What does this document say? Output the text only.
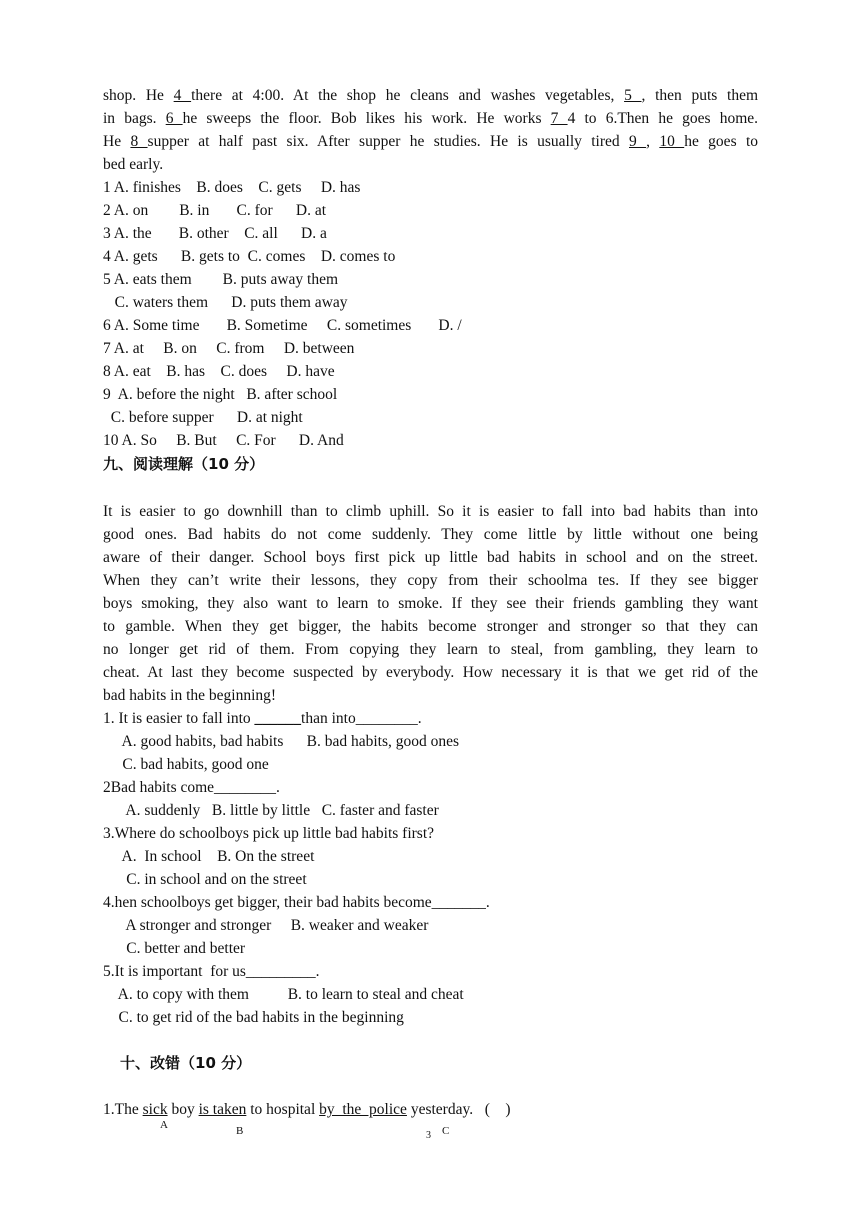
shop. He 4 there at 4:00. At the shop he cleans and washes vegetables, 5 , then puts them
in bags. 6 he sweeps the floor. Bob likes his work. He works 7 4 to 6.Then he goes home.
He 8 supper at half past six. After supper he studies. He is usually tired 9 , 10 he goes to
bed early.
1 A. finishes    B. does    C. gets     D. has
2 A. on        B. in       C. for      D. at
3 A. the       B. other    C. all      D. a
4 A. gets      B. gets to  C. comes    D. comes to
5 A. eats them        B. puts away them
C. waters them      D. puts them away
6 A. Some time       B. Sometime     C. sometimes       D. /
7 A. at     B. on     C. from     D. between
8 A. eat    B. has    C. does     D. have
9  A. before the night   B. after school
C. before supper      D. at night
10 A. So     B. But     C. For      D. And
九、阅读理解（10 分）
It is easier to go downhill than to climb uphill. So it is easier to fall into bad habits than into
good ones. Bad habits do not come suddenly. They come little by little without one being
aware of their danger. School boys first pick up little bad habits in school and on the street.
When they can’t write their lessons, they copy from their schoolma tes. If they see bigger
boys smoking, they also want to learn to smoke. If they see their friends gambling they want
to gamble. When they get bigger, the habits become stronger and stronger so that they can
no longer get rid of them. From copying they learn to steal, from gambling, they learn to
cheat. At last they become suspected by everybody. How necessary it is that we get rid of the
bad habits in the beginning!
1. It is easier to fall into ______than into________.
A. good habits, bad habits      B. bad habits, good ones
C. bad habits, good one
2Bad habits come________.
A. suddenly   B. little by little   C. faster and faster
3.Where do schoolboys pick up little bad habits first?
A.  In school    B. On the street
C. in school and on the street
4.hen schoolboys get bigger, their bad habits become_______.
A stronger and stronger     B. weaker and weaker
C. better and better
5.It is important  for us_________.
A. to copy with them          B. to learn to steal and cheat
C. to get rid of the bad habits in the beginning
十、改错（10 分）
1.The sick boy is taken to hospital by  the  police yesterday.   (    )
A	B	C
3
